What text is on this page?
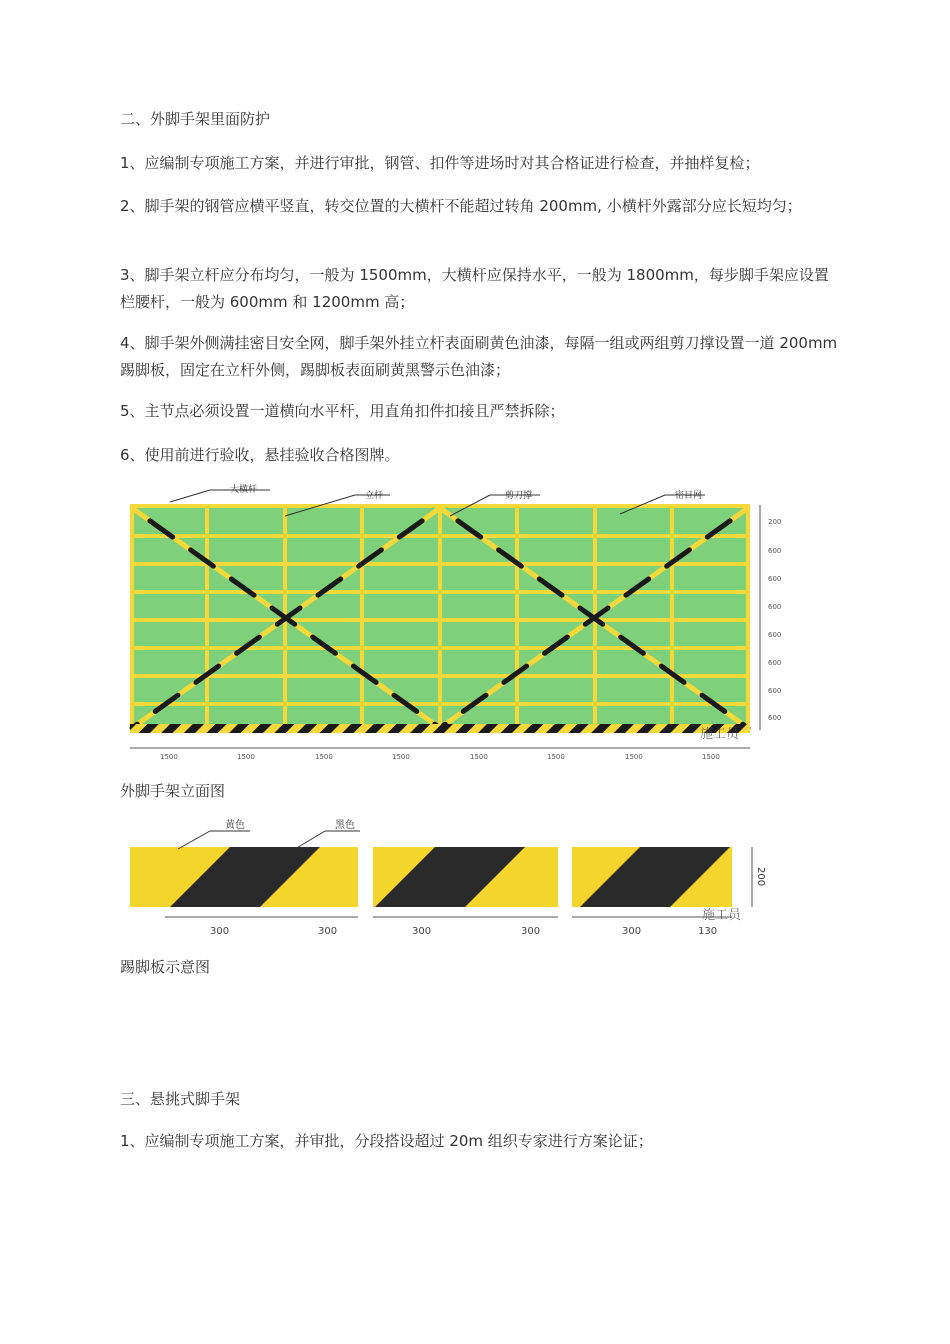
二、外脚手架里面防护

1、应编制专项施工方案，并进行审批，钢管、扣件等进场时对其合格证进行检查，并抽样复检；

2、脚手架的钢管应横平竖直，转交位置的大横杆不能超过转角 200mm, 小横杆外露部分应长短均匀；

3、脚手架立杆应分布均匀，一般为 1500mm，大横杆应保持水平，一般为 1800mm，每步脚手架应设置栏腰杆，一般为 600mm 和 1200mm 高；

4、脚手架外侧满挂密目安全网，脚手架外挂立杆表面刷黄色油漆，每隔一组或两组剪刀撑设置一道 200mm 踢脚板，固定在立杆外侧，踢脚板表面刷黄黑警示色油漆；

5、主节点必须设置一道横向水平杆，用直角扣件扣接且严禁拆除；

6、使用前进行验收，悬挂验收合格图牌。

大横杆
立杆	剪刀撑	密目网
200
600
600
600
600
600
600
600
1500	1500	1500	1500	1500	1500	1500	1500
施工员
外脚手架立面图
黄色	黑色
300	300	300	300	300	130
200
施工员
踢脚板示意图

三、悬挑式脚手架

1、应编制专项施工方案，并审批，分段搭设超过 20m 组织专家进行方案论证；
